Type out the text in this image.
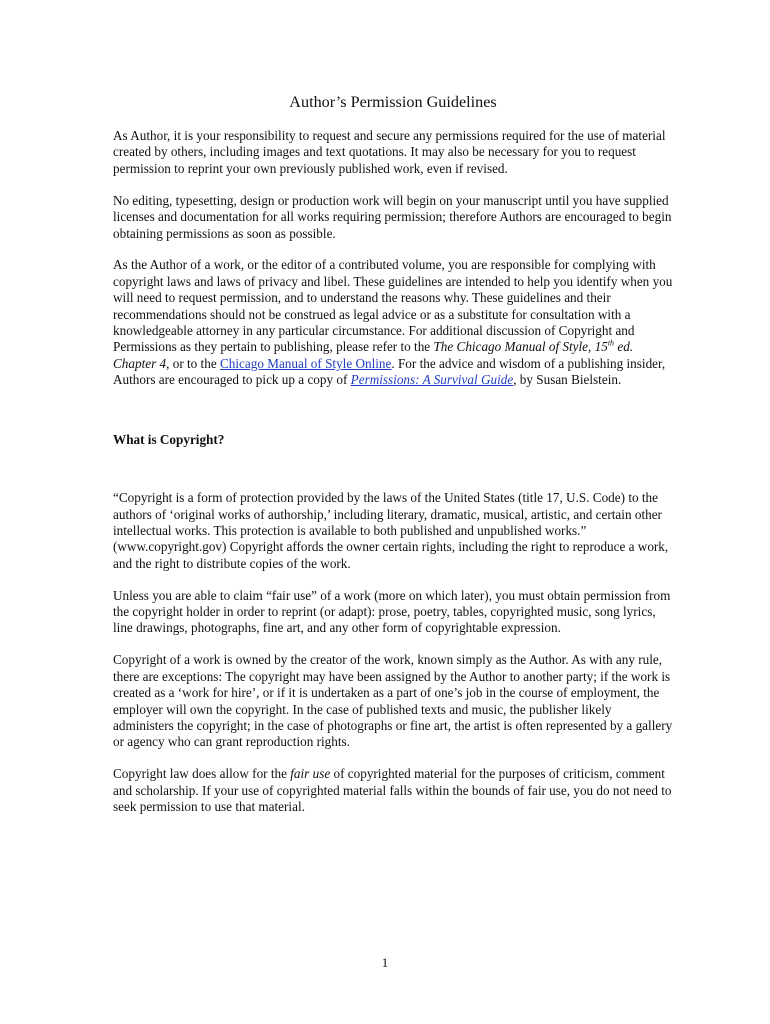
Author’s Permission Guidelines

As Author, it is your responsibility to request and secure any permissions required for the use of material created by others, including images and text quotations. It may also be necessary for you to request permission to reprint your own previously published work, even if revised.

No editing, typesetting, design or production work will begin on your manuscript until you have supplied licenses and documentation for all works requiring permission; therefore Authors are encouraged to begin obtaining permissions as soon as possible.

As the Author of a work, or the editor of a contributed volume, you are responsible for complying with copyright laws and laws of privacy and libel. These guidelines are intended to help you identify when you will need to request permission, and to understand the reasons why. These guidelines and their recommendations should not be construed as legal advice or as a substitute for consultation with a knowledgeable attorney in any particular circumstance. For additional discussion of Copyright and Permissions as they pertain to publishing, please refer to the The Chicago Manual of Style, 15th ed. Chapter 4, or to the Chicago Manual of Style Online. For the advice and wisdom of a publishing insider, Authors are encouraged to pick up a copy of Permissions: A Survival Guide, by Susan Bielstein.

What is Copyright?

“Copyright is a form of protection provided by the laws of the United States (title 17, U.S. Code) to the authors of ‘original works of authorship,’ including literary, dramatic, musical, artistic, and certain other intellectual works. This protection is available to both published and unpublished works.” (www.copyright.gov) Copyright affords the owner certain rights, including the right to reproduce a work, and the right to distribute copies of the work.

Unless you are able to claim “fair use” of a work (more on which later), you must obtain permission from the copyright holder in order to reprint (or adapt): prose, poetry, tables, copyrighted music, song lyrics, line drawings, photographs, fine art, and any other form of copyrightable expression.

Copyright of a work is owned by the creator of the work, known simply as the Author. As with any rule, there are exceptions: The copyright may have been assigned by the Author to another party; if the work is created as a ‘work for hire’, or if it is undertaken as a part of one’s job in the course of employment, the employer will own the copyright. In the case of published texts and music, the publisher likely administers the copyright; in the case of photographs or fine art, the artist is often represented by a gallery or agency who can grant reproduction rights.

Copyright law does allow for the fair use of copyrighted material for the purposes of criticism, comment and scholarship. If your use of copyrighted material falls within the bounds of fair use, you do not need to seek permission to use that material.

1
